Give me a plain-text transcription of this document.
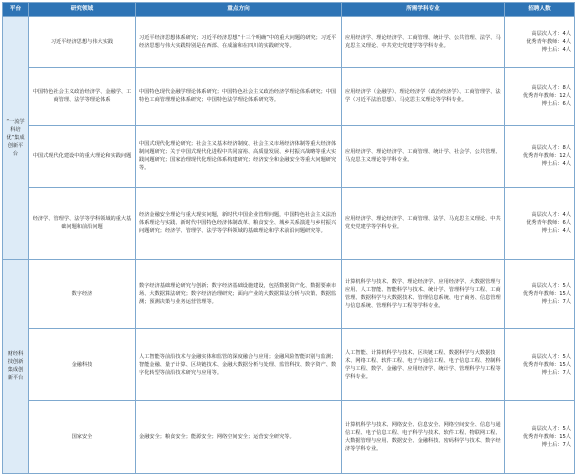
平台	研究领域	重点方向	所需学科专业	招聘人数
“一流学科培优”集成创新平台	习近平经济思想与伟大实践	习近平经济思想体系研究；习近平经济思想“十三个明确”中的重大问题的研究；习近平经济思想与伟大实践特别是在西部、在成渝和在四川的实践研究等。	应用经济学、理论经济学、工商管理、统计学、公共管理、法学、马克思主义理论、中共党史党建学等学科专业。	高层次人才：4人
优秀青年教师：4人
博士后：4人
	中国特色社会主义政治经济学、金融学、工商管理、法学等理论体系	中国特色现代金融学理论体系研究；中国特色社会主义政治经济学理论体系研究；中国特色工商管理理论体系研究；中国特色法学理论体系研究等。	应用经济学（金融学）、理论经济学（政治经济学）、工商管理学、法学（习近平法治思想）、马克思主义理论等学科专业。	高层次人才：8人
优秀青年教师：12人
博士后：6人
	中国式现代化建设中的重大理论和实践问题	中国式现代化理论研究；社会主义基本经济制度、社会主义市场经济体制等重大经济体制问题研究；关于中国式现代化进程中共同富裕、高质量发展、乡村振兴战略等重大实践问题研究；国家治理现代化理论体系构建研究；经济安全和金融安全等重大问题研究等。	应用经济学、理论经济学、工商管理、统计学、社会学、公共管理、马克思主义理论等学科专业。	高层次人才：8人
优秀青年教师：12人
博士后：4人
	经济学、管理学、法学等学科领域的重大基础问题和前沿问题	经济金融安全理论与重大现实问题，新时代中国企业管理问题，中国特色社会主义法治体系理论与实践、新时代中国特色经济体制改革、粮食安全、城乡关系演进与乡村振兴问题研究；经济学、管理学、法学等学科领域的基础理论和学术前沿问题研究等。	应用经济学、理论经济学、工商管理、法学、马克思主义理论、中共党史党建学等学科专业。	高层次人才：4人
优秀青年教师：6人
博士后：4人
财经科技创新集成创新平台	数字经济	数字经济基础理论研究与创新；数字经济基础设施建设，包括数据资产化、数据要素市场、大数据算法研究；数字经济治理研究；面向产业的大数据算法分析与决策、数据监测；预测决策与业务运营管理等。	计算机科学与技术、数学、理论经济学、应用经济学、大数据管理与应用、人工智能、智能科学与技术、统计学、管理科学与工程、工商管理、数据科学与大数据技术、管理信息系统、电子商务、信息管理与信息系统、管理科学与工程等学科专业。	高层次人才：5人
优秀青年教师：15人
博士后：7人
	金融科技	人工智能等前沿技术与金融实体和监管的深度融合与应用；金融风险智能识别与监测；智能金融、量子计算、区块链技术、金融大数据分析与处理、监管科技、数字资产、数字化转型等前沿技术研究与应用等。	人工智能、计算机科学与技术、区块链工程、数据科学与大数据技术、网络工程、软件工程、电子与通信工程、电子信息工程、控制科学与工程、数学、金融学、应用经济学、统计学、管理科学与工程等学科专业。	高层次人才：5人
优秀青年教师：15人
博士后：7人
	国家安全	金融安全；粮食安全；能源安全；网络空间安全；运营安全研究等。	计算机科学与技术、网络安全、信息安全、网络空间安全、信息与通信工程、电子信息工程、电子科学与技术、软件工程、物联网工程、大数据管理与应用、数据安全、金融科技、密码科学与技术、数字经济等学科专业。	高层次人才：5人
优秀青年教师：15人
博士后：7人
